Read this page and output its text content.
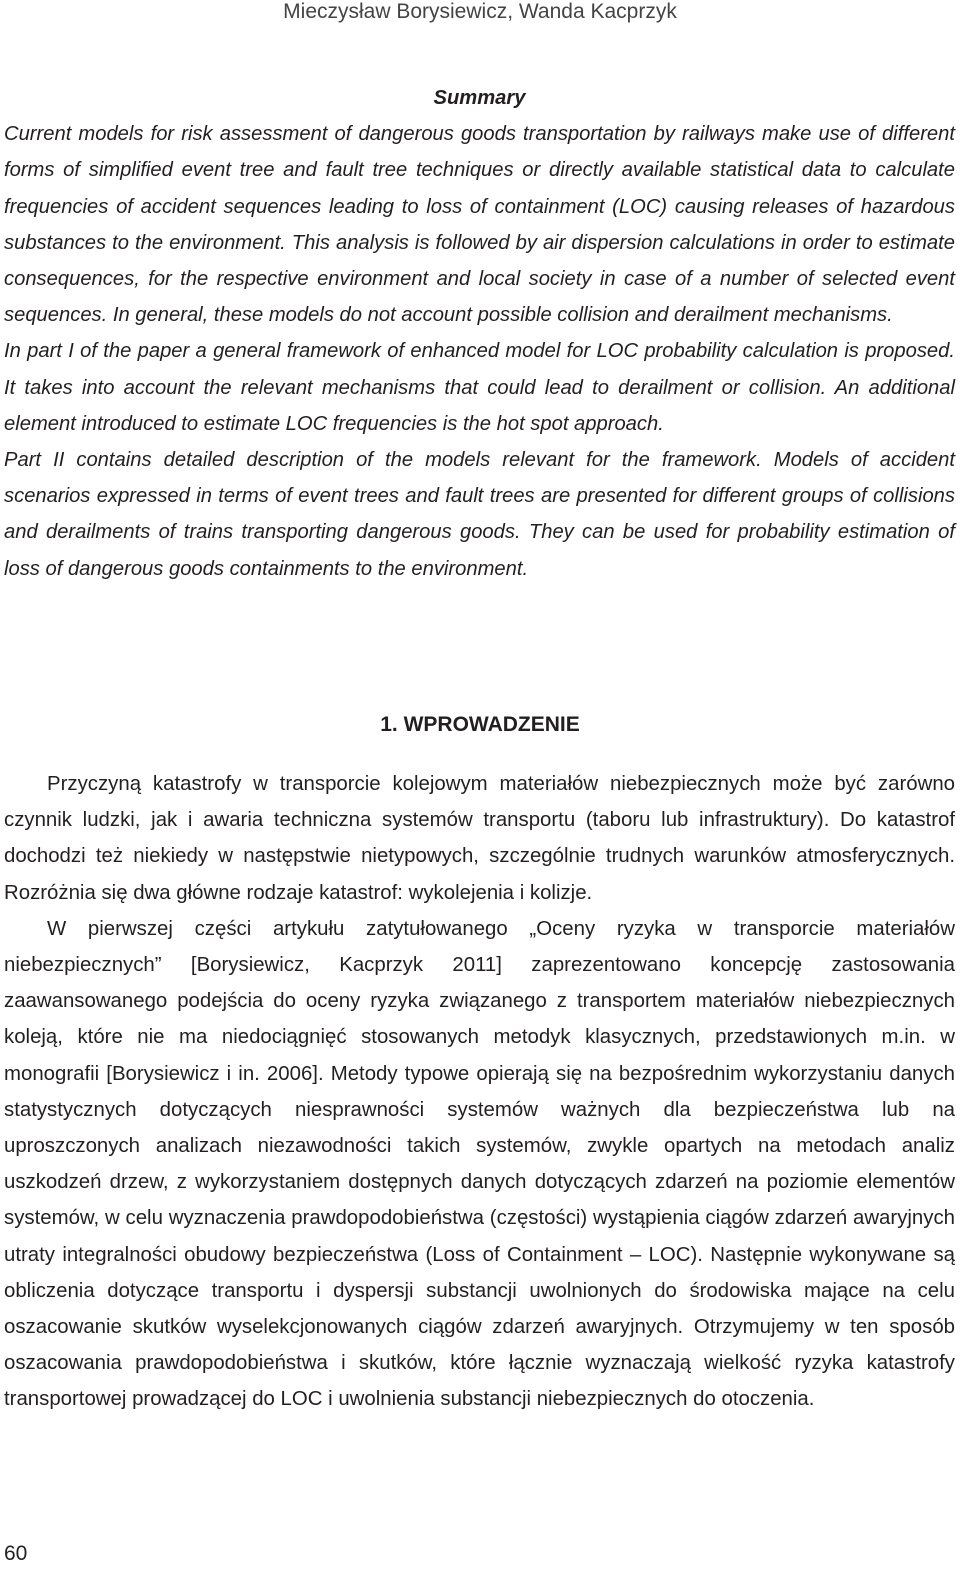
Mieczysław Borysiewicz, Wanda Kacprzyk

Summary

Current models for risk assessment of dangerous goods transportation by railways make use of different forms of simplified event tree and fault tree techniques or directly available statistical data to calculate frequencies of accident sequences leading to loss of containment (LOC) causing releases of hazardous substances to the environment. This analysis is followed by air dispersion calculations in order to estimate consequences, for the respective environment and local society in case of a number of selected event sequences. In general, these models do not account possible collision and derailment mechanisms.

In part I of the paper a general framework of enhanced model for LOC probability calculation is proposed. It takes into account the relevant mechanisms that could lead to derailment or collision. An additional element introduced to estimate LOC frequencies is the hot spot approach.

Part II contains detailed description of the models relevant for the framework. Models of accident scenarios expressed in terms of event trees and fault trees are presented for different groups of collisions and derailments of trains transporting dangerous goods. They can be used for probability estimation of loss of dangerous goods containments to the environment.

1. WPROWADZENIE

Przyczyną katastrofy w transporcie kolejowym materiałów niebezpiecznych może być zarówno czynnik ludzki, jak i awaria techniczna systemów transportu (taboru lub infrastruktury). Do katastrof dochodzi też niekiedy w następstwie nietypowych, szczególnie trudnych warunków atmosferycznych. Rozróżnia się dwa główne rodzaje katastrof: wykolejenia i kolizje.

W pierwszej części artykułu zatytułowanego „Oceny ryzyka w transporcie materiałów niebezpiecznych” [Borysiewicz, Kacprzyk 2011] zaprezentowano koncepcję zastosowania zaawansowanego podejścia do oceny ryzyka związanego z transportem materiałów niebezpiecznych koleją, które nie ma niedociągnięć stosowanych metodyk klasycznych, przedstawionych m.in. w monografii [Borysiewicz i in. 2006]. Metody typowe opierają się na bezpośrednim wykorzystaniu danych statystycznych dotyczących niesprawności systemów ważnych dla bezpieczeństwa lub na uproszczonych analizach niezawodności takich systemów, zwykle opartych na metodach analiz uszkodzeń drzew, z wykorzystaniem dostępnych danych dotyczących zdarzeń na poziomie elementów systemów, w celu wyznaczenia prawdopodobieństwa (częstości) wystąpienia ciągów zdarzeń awaryjnych utraty integralności obudowy bezpieczeństwa (Loss of Containment – LOC). Następnie wykonywane są obliczenia dotyczące transportu i dyspersji substancji uwolnionych do środowiska mające na celu oszacowanie skutków wyselekcjonowanych ciągów zdarzeń awaryjnych. Otrzymujemy w ten sposób oszacowania prawdopodobieństwa i skutków, które łącznie wyznaczają wielkość ryzyka katastrofy transportowej prowadzącej do LOC i uwolnienia substancji niebezpiecznych do otoczenia.

60
